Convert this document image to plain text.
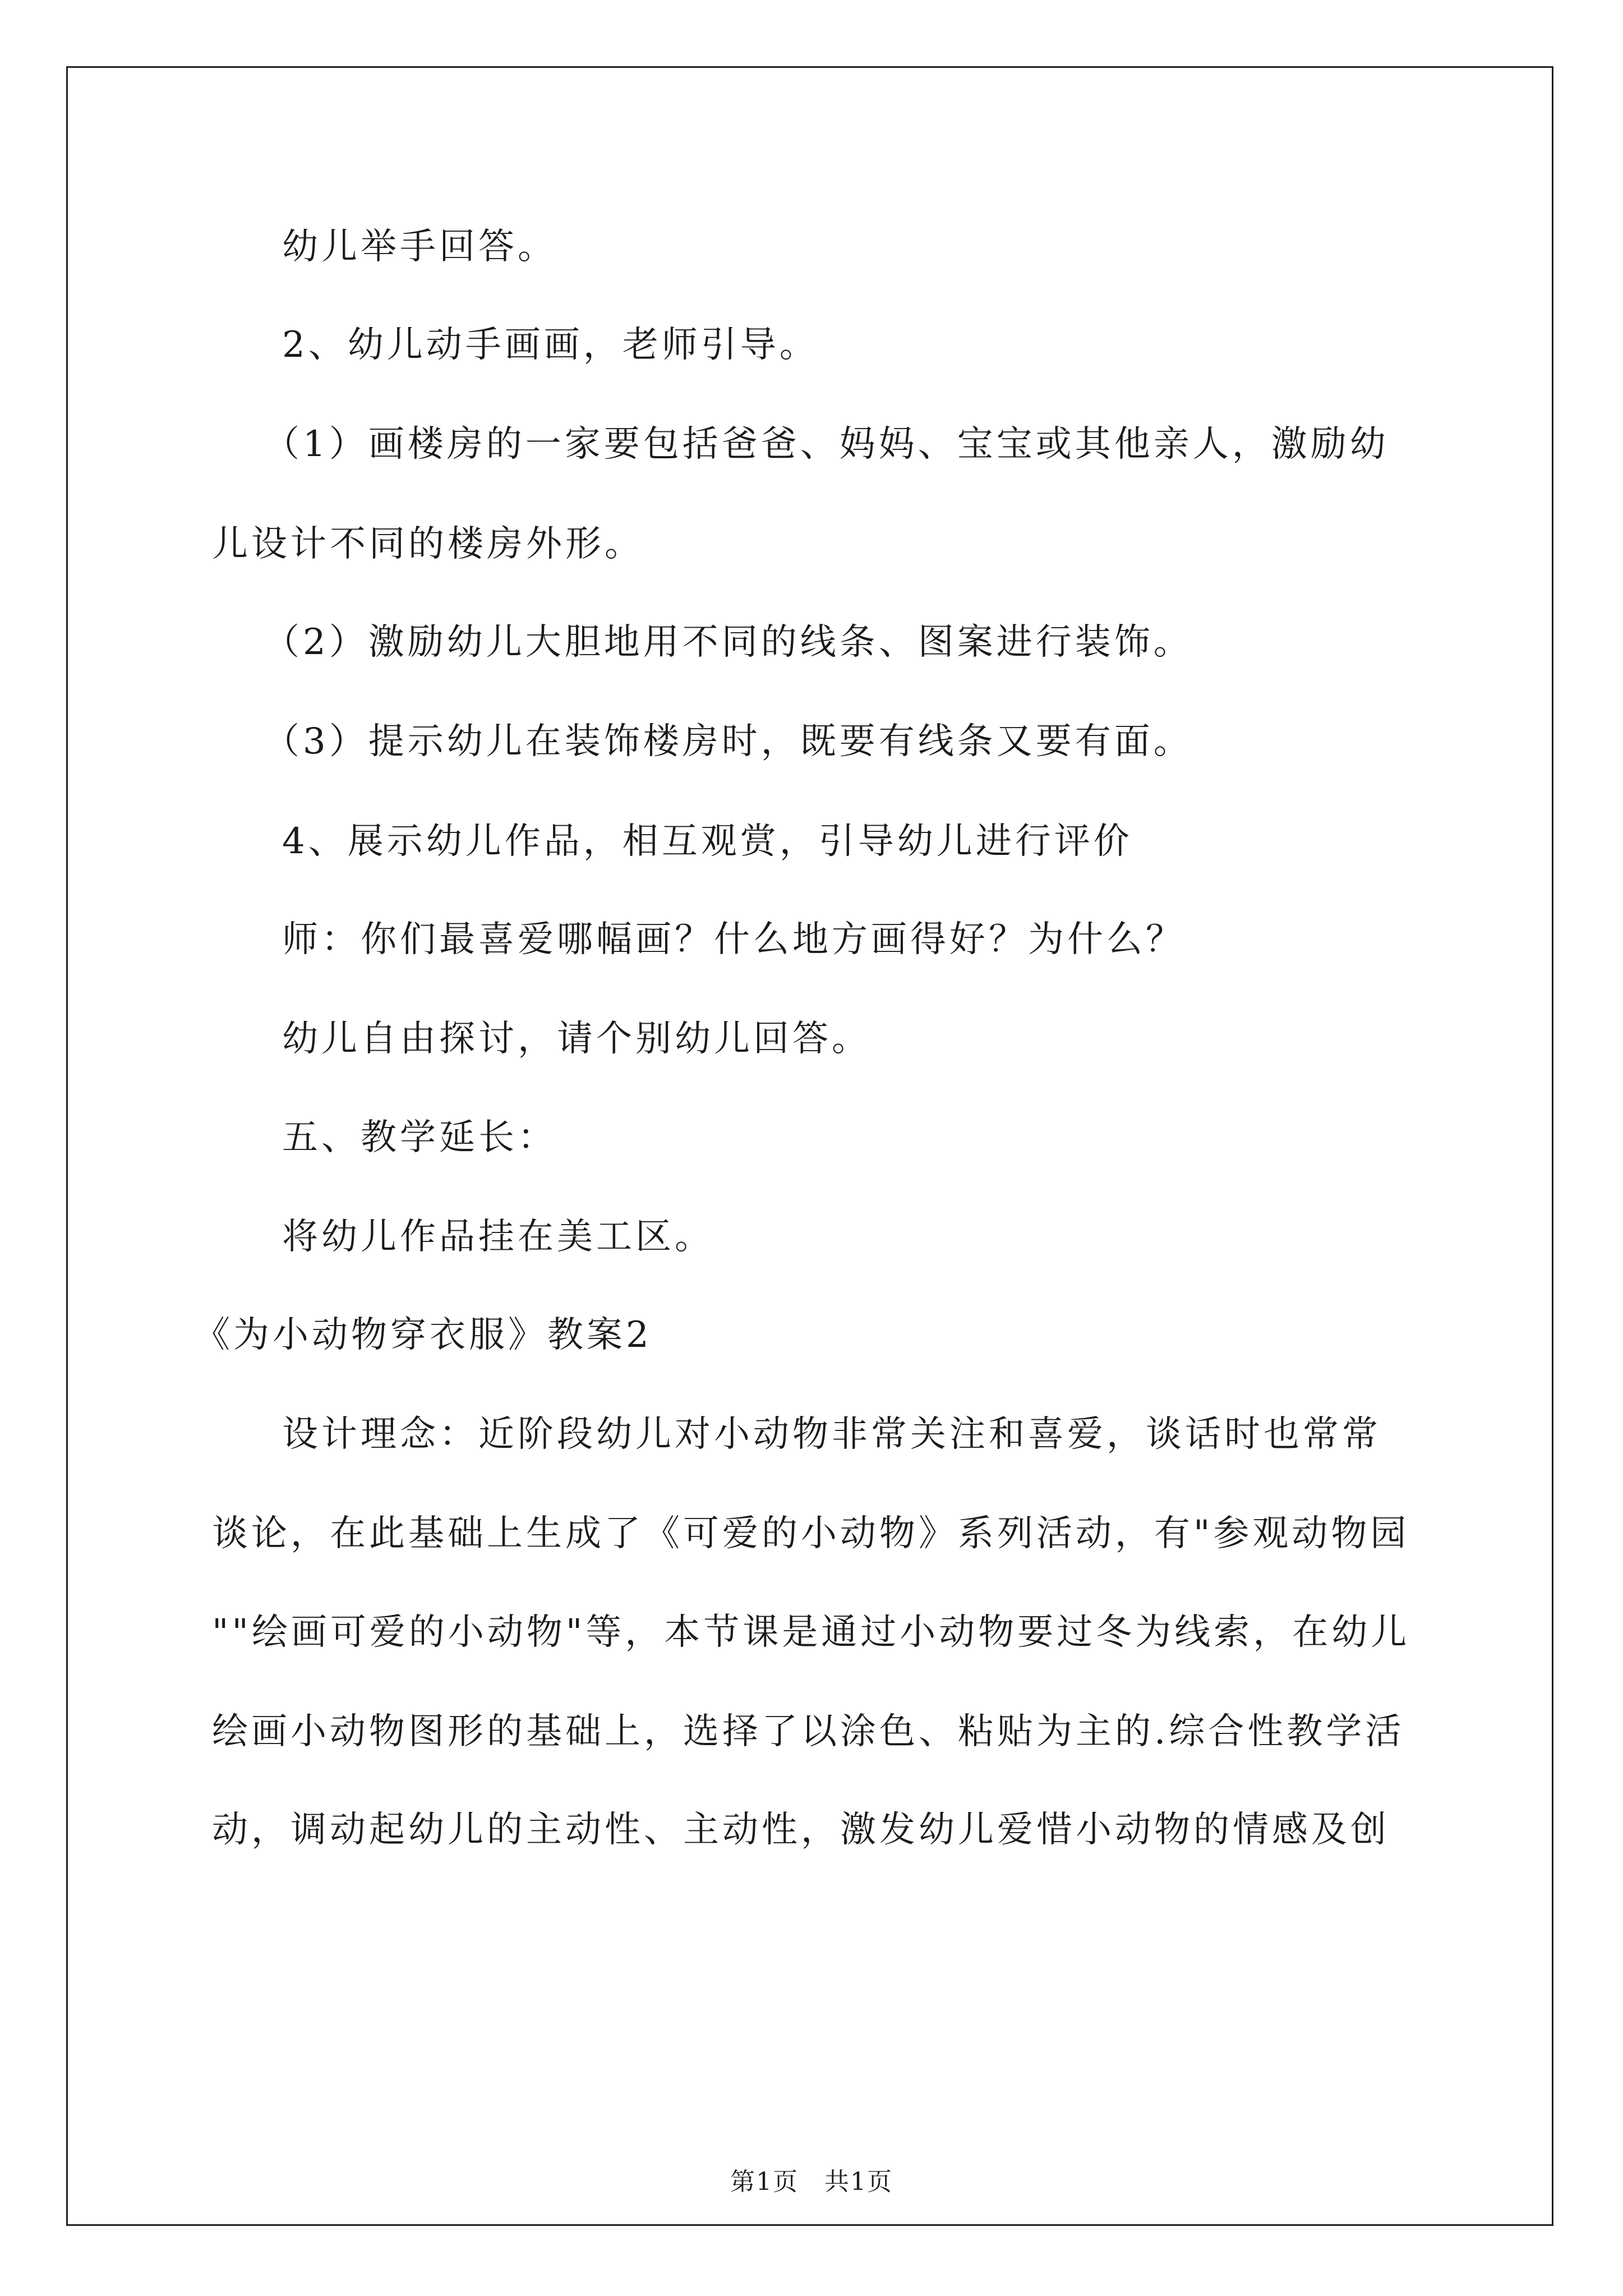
幼儿举手回答。
2、幼儿动手画画，老师引导。
（1）画楼房的一家要包括爸爸、妈妈、宝宝或其他亲人，激励幼
儿设计不同的楼房外形。
（2）激励幼儿大胆地用不同的线条、图案进行装饰。
（3）提示幼儿在装饰楼房时，既要有线条又要有面。
4、展示幼儿作品，相互观赏，引导幼儿进行评价
师：你们最喜爱哪幅画？什么地方画得好？为什么？
幼儿自由探讨，请个别幼儿回答。
五、教学延长：
将幼儿作品挂在美工区。
《为小动物穿衣服》教案2
设计理念：近阶段幼儿对小动物非常关注和喜爱，谈话时也常常
谈论，在此基础上生成了《可爱的小动物》系列活动，有"参观动物园
""绘画可爱的小动物"等，本节课是通过小动物要过冬为线索，在幼儿
绘画小动物图形的基础上，选择了以涂色、粘贴为主的.综合性教学活
动，调动起幼儿的主动性、主动性，激发幼儿爱惜小动物的情感及创
第1页　共1页
